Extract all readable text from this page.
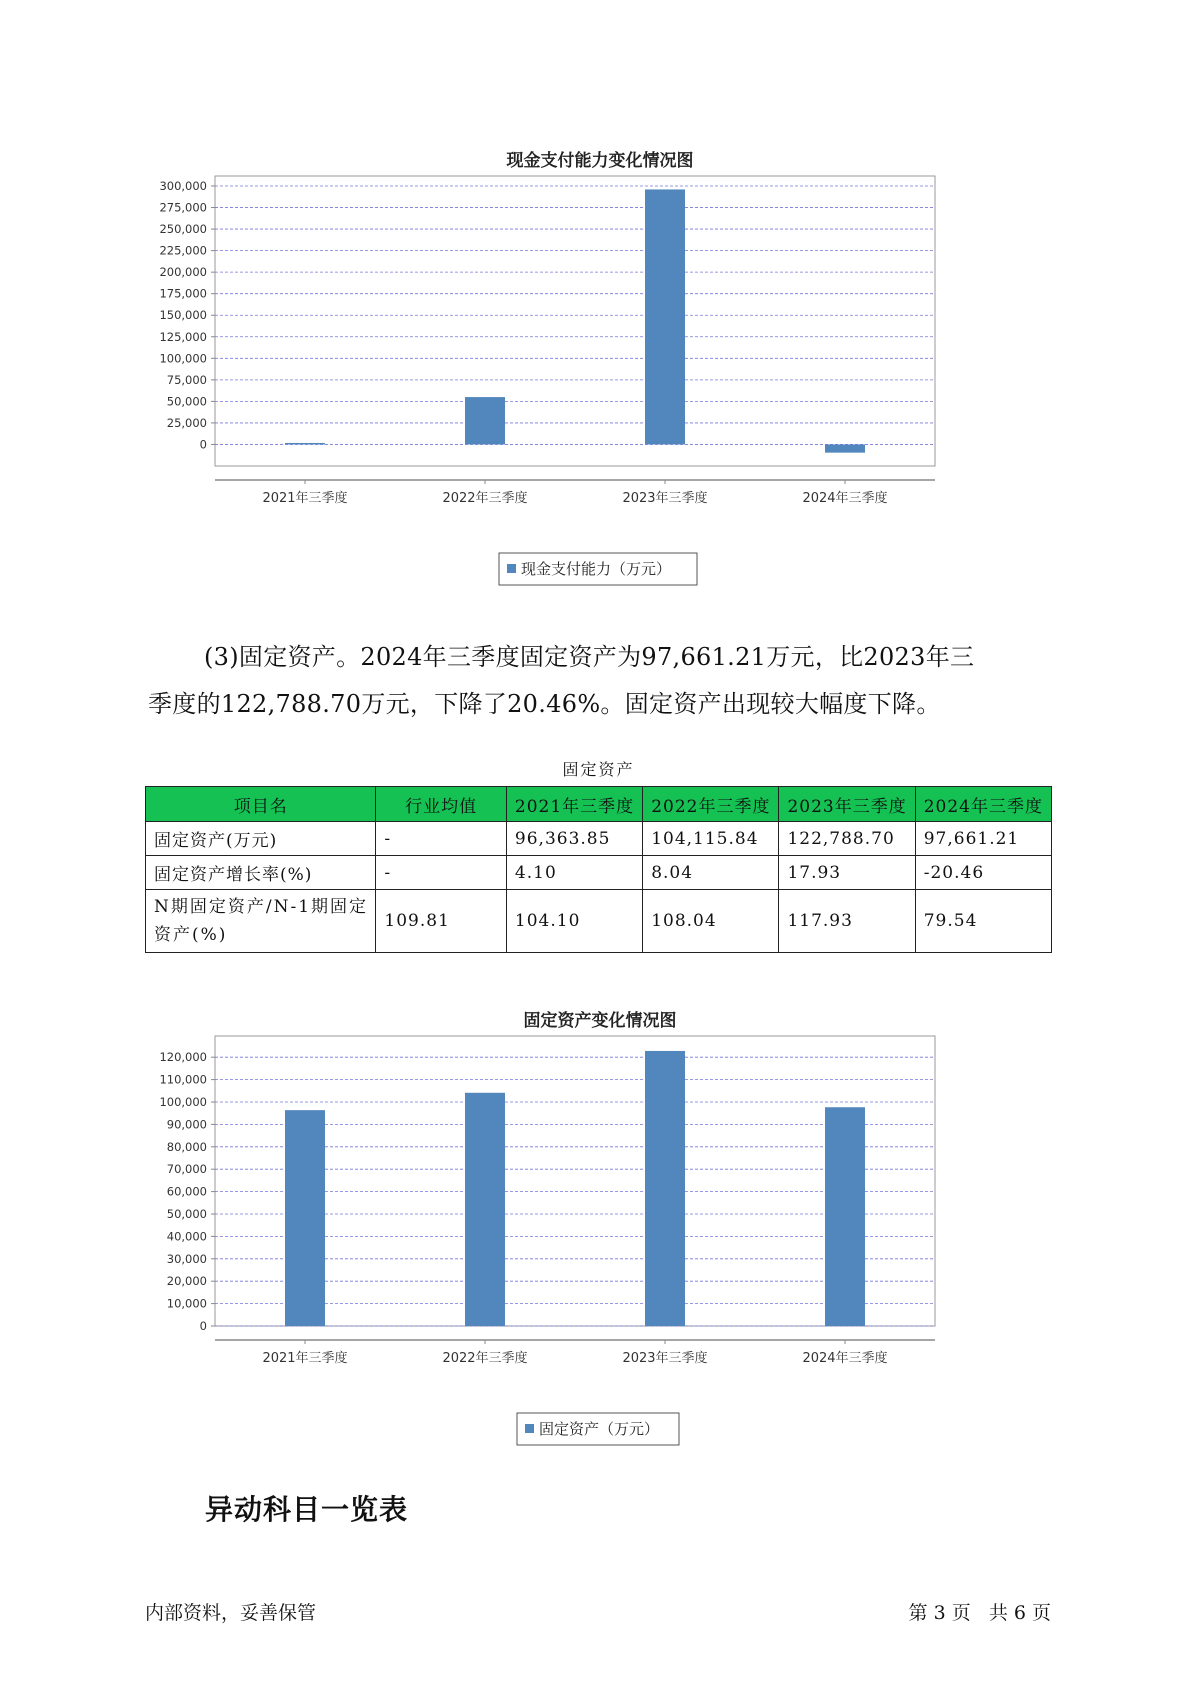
现金支付能力变化情况图
0
25,000
50,000
75,000
100,000
125,000
150,000
175,000
200,000
225,000
250,000
275,000
300,000
2021年三季度	2022年三季度	2023年三季度	2024年三季度
现金支付能力（万元）

(3)固定资产。2024年三季度固定资产为97,661.21万元，比2023年三
季度的122,788.70万元，下降了20.46%。固定资产出现较大幅度下降。

固定资产
项目名	行业均值	2021年三季度	2022年三季度	2023年三季度	2024年三季度
固定资产(万元)	-	96,363.85	104,115.84	122,788.70	97,661.21
固定资产增长率(%)	-	4.10	8.04	17.93	-20.46
N期固定资产/N-1期固定资产(%)	109.81	104.10	108.04	117.93	79.54
固定资产变化情况图
0
10,000
20,000
30,000
40,000
50,000
60,000
70,000
80,000
90,000
100,000
110,000
120,000
2021年三季度	2022年三季度	2023年三季度	2024年三季度
固定资产（万元）
异动科目一览表
内部资料，妥善保管	第 3 页   共 6 页
